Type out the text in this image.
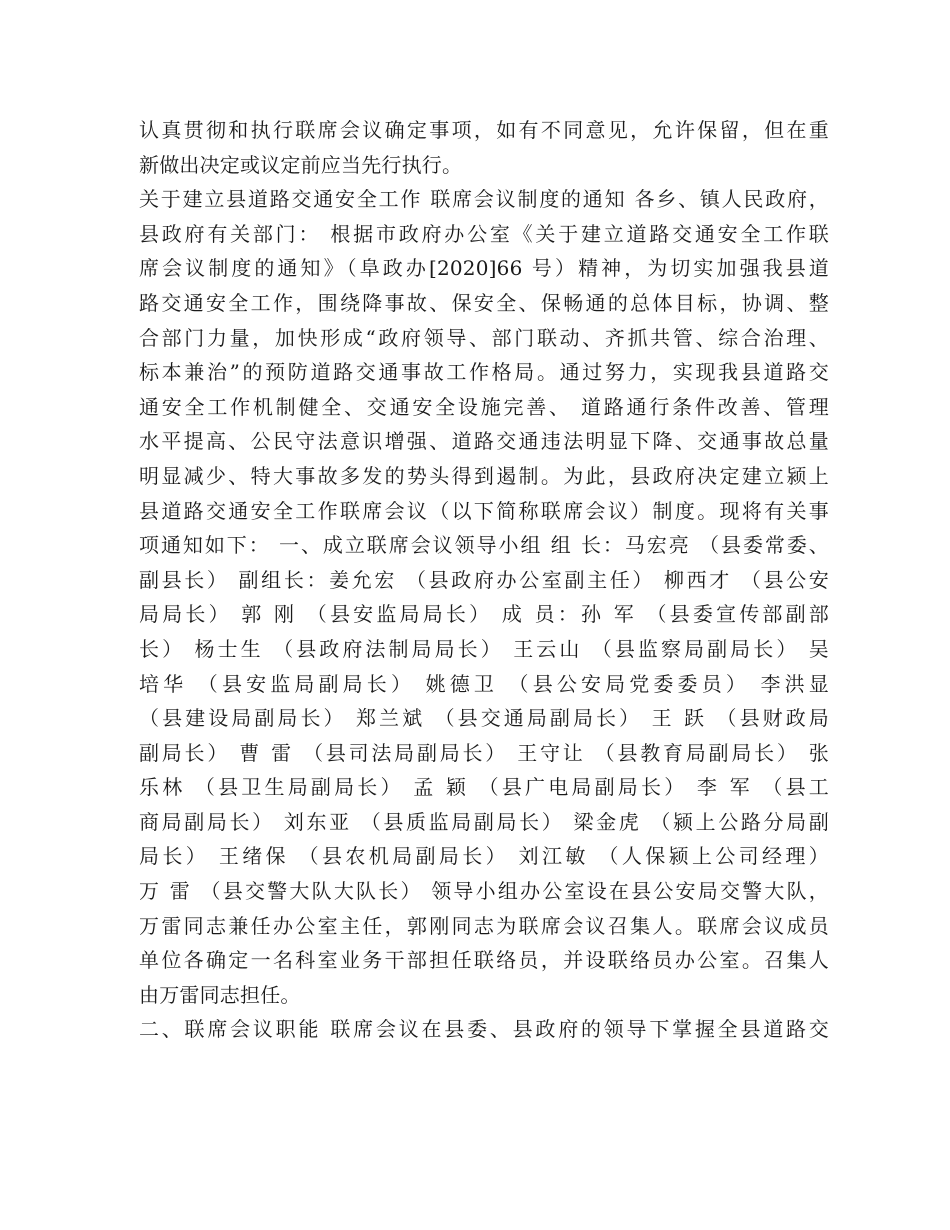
认真贯彻和执行联席会议确定事项，如有不同意见，允许保留，但在重
新做出决定或议定前应当先行执行。
关于建立县道路交通安全工作 联席会议制度的通知 各乡、镇人民政府，
县政府有关部门： 根据市政府办公室《关于建立道路交通安全工作联
席会议制度的通知》（阜政办[2020]66 号）精神，为切实加强我县道
路交通安全工作，围绕降事故、保安全、保畅通的总体目标，协调、整
合部门力量，加快形成“政府领导、部门联动、齐抓共管、综合治理、
标本兼治”的预防道路交通事故工作格局。通过努力，实现我县道路交
通安全工作机制健全、交通安全设施完善、 道路通行条件改善、管理
水平提高、公民守法意识增强、道路交通违法明显下降、交通事故总量
明显减少、特大事故多发的势头得到遏制。为此，县政府决定建立颍上
县道路交通安全工作联席会议（以下简称联席会议）制度。现将有关事
项通知如下： 一、成立联席会议领导小组 组 长：马宏亮 （县委常委、
副县长） 副组长：姜允宏 （县政府办公室副主任） 柳西才 （县公安
局局长） 郭 刚 （县安监局局长） 成 员：孙 军 （县委宣传部副部
长） 杨士生 （县政府法制局局长） 王云山 （县监察局副局长） 吴
培华 （县安监局副局长） 姚德卫 （县公安局党委委员） 李洪显
（县建设局副局长） 郑兰斌 （县交通局副局长） 王 跃 （县财政局
副局长） 曹 雷 （县司法局副局长） 王守让 （县教育局副局长） 张
乐林 （县卫生局副局长） 孟 颖 （县广电局副局长） 李 军 （县工
商局副局长） 刘东亚 （县质监局副局长） 梁金虎 （颍上公路分局副
局长） 王绪保 （县农机局副局长） 刘江敏 （人保颍上公司经理）
万 雷 （县交警大队大队长） 领导小组办公室设在县公安局交警大队，
万雷同志兼任办公室主任，郭刚同志为联席会议召集人。联席会议成员
单位各确定一名科室业务干部担任联络员，并设联络员办公室。召集人
由万雷同志担任。
二、联席会议职能 联席会议在县委、县政府的领导下掌握全县道路交
